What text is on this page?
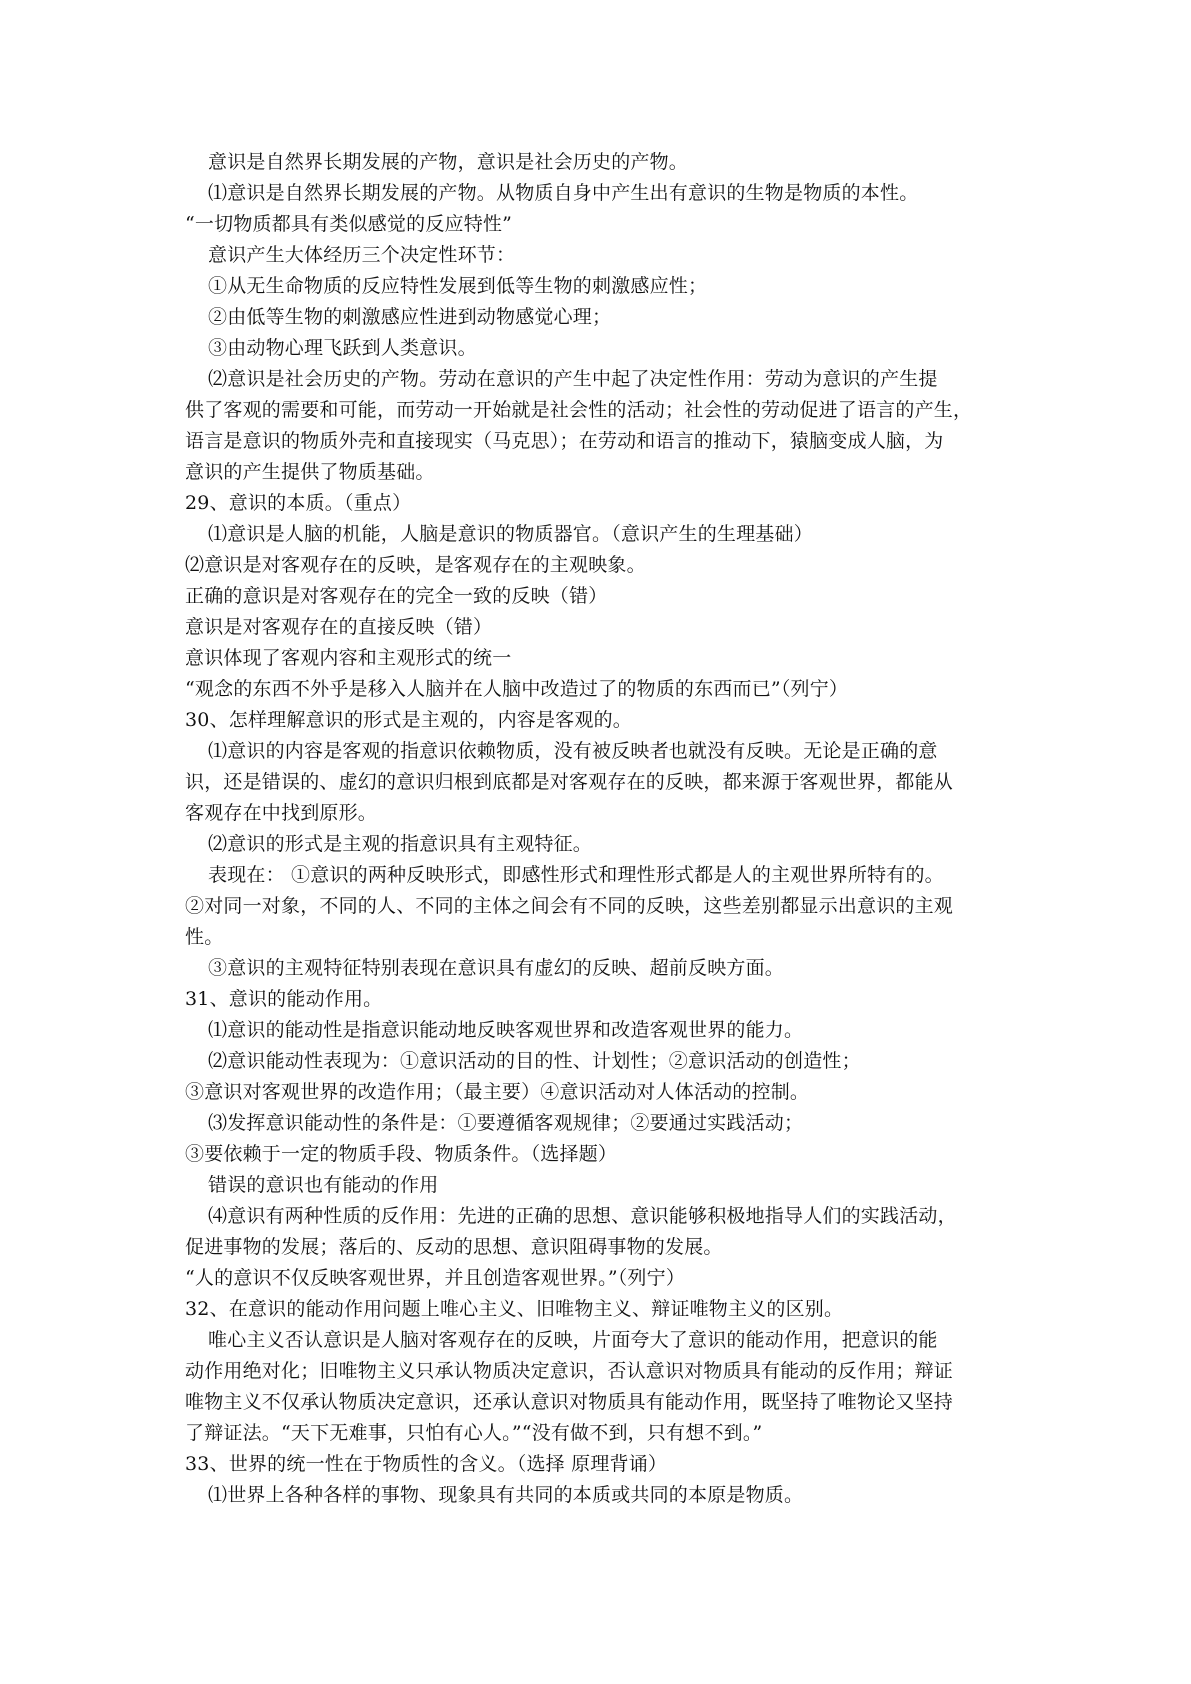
意识是自然界长期发展的产物，意识是社会历史的产物。
⑴意识是自然界长期发展的产物。从物质自身中产生出有意识的生物是物质的本性。
“一切物质都具有类似感觉的反应特性”
意识产生大体经历三个决定性环节：
①从无生命物质的反应特性发展到低等生物的刺激感应性；
②由低等生物的刺激感应性进到动物感觉心理；
③由动物心理飞跃到人类意识。
⑵意识是社会历史的产物。劳动在意识的产生中起了决定性作用：劳动为意识的产生提
供了客观的需要和可能，而劳动一开始就是社会性的活动；社会性的劳动促进了语言的产生，
语言是意识的物质外壳和直接现实（马克思）；在劳动和语言的推动下，猿脑变成人脑，为
意识的产生提供了物质基础。
29、意识的本质。（重点）
⑴意识是人脑的机能，人脑是意识的物质器官。（意识产生的生理基础）
⑵意识是对客观存在的反映，是客观存在的主观映象。
正确的意识是对客观存在的完全一致的反映（错）
意识是对客观存在的直接反映（错）
意识体现了客观内容和主观形式的统一
“观念的东西不外乎是移入人脑并在人脑中改造过了的物质的东西而已”（列宁）
30、怎样理解意识的形式是主观的，内容是客观的。
⑴意识的内容是客观的指意识依赖物质，没有被反映者也就没有反映。无论是正确的意
识，还是错误的、虚幻的意识归根到底都是对客观存在的反映，都来源于客观世界，都能从
客观存在中找到原形。
⑵意识的形式是主观的指意识具有主观特征。
表现在： ①意识的两种反映形式，即感性形式和理性形式都是人的主观世界所特有的。
②对同一对象，不同的人、不同的主体之间会有不同的反映，这些差别都显示出意识的主观
性。
③意识的主观特征特别表现在意识具有虚幻的反映、超前反映方面。
31、意识的能动作用。
⑴意识的能动性是指意识能动地反映客观世界和改造客观世界的能力。
⑵意识能动性表现为：①意识活动的目的性、计划性；②意识活动的创造性；
③意识对客观世界的改造作用；（最主要）④意识活动对人体活动的控制。
⑶发挥意识能动性的条件是：①要遵循客观规律；②要通过实践活动；
③要依赖于一定的物质手段、物质条件。（选择题）
错误的意识也有能动的作用
⑷意识有两种性质的反作用：先进的正确的思想、意识能够积极地指导人们的实践活动，
促进事物的发展；落后的、反动的思想、意识阻碍事物的发展。
“人的意识不仅反映客观世界，并且创造客观世界。”（列宁）
32、在意识的能动作用问题上唯心主义、旧唯物主义、辩证唯物主义的区别。
唯心主义否认意识是人脑对客观存在的反映，片面夸大了意识的能动作用，把意识的能
动作用绝对化；旧唯物主义只承认物质决定意识，否认意识对物质具有能动的反作用；辩证
唯物主义不仅承认物质决定意识，还承认意识对物质具有能动作用，既坚持了唯物论又坚持
了辩证法。“天下无难事，只怕有心人。”“没有做不到，只有想不到。”
33、世界的统一性在于物质性的含义。（选择 原理背诵）
⑴世界上各种各样的事物、现象具有共同的本质或共同的本原是物质。
